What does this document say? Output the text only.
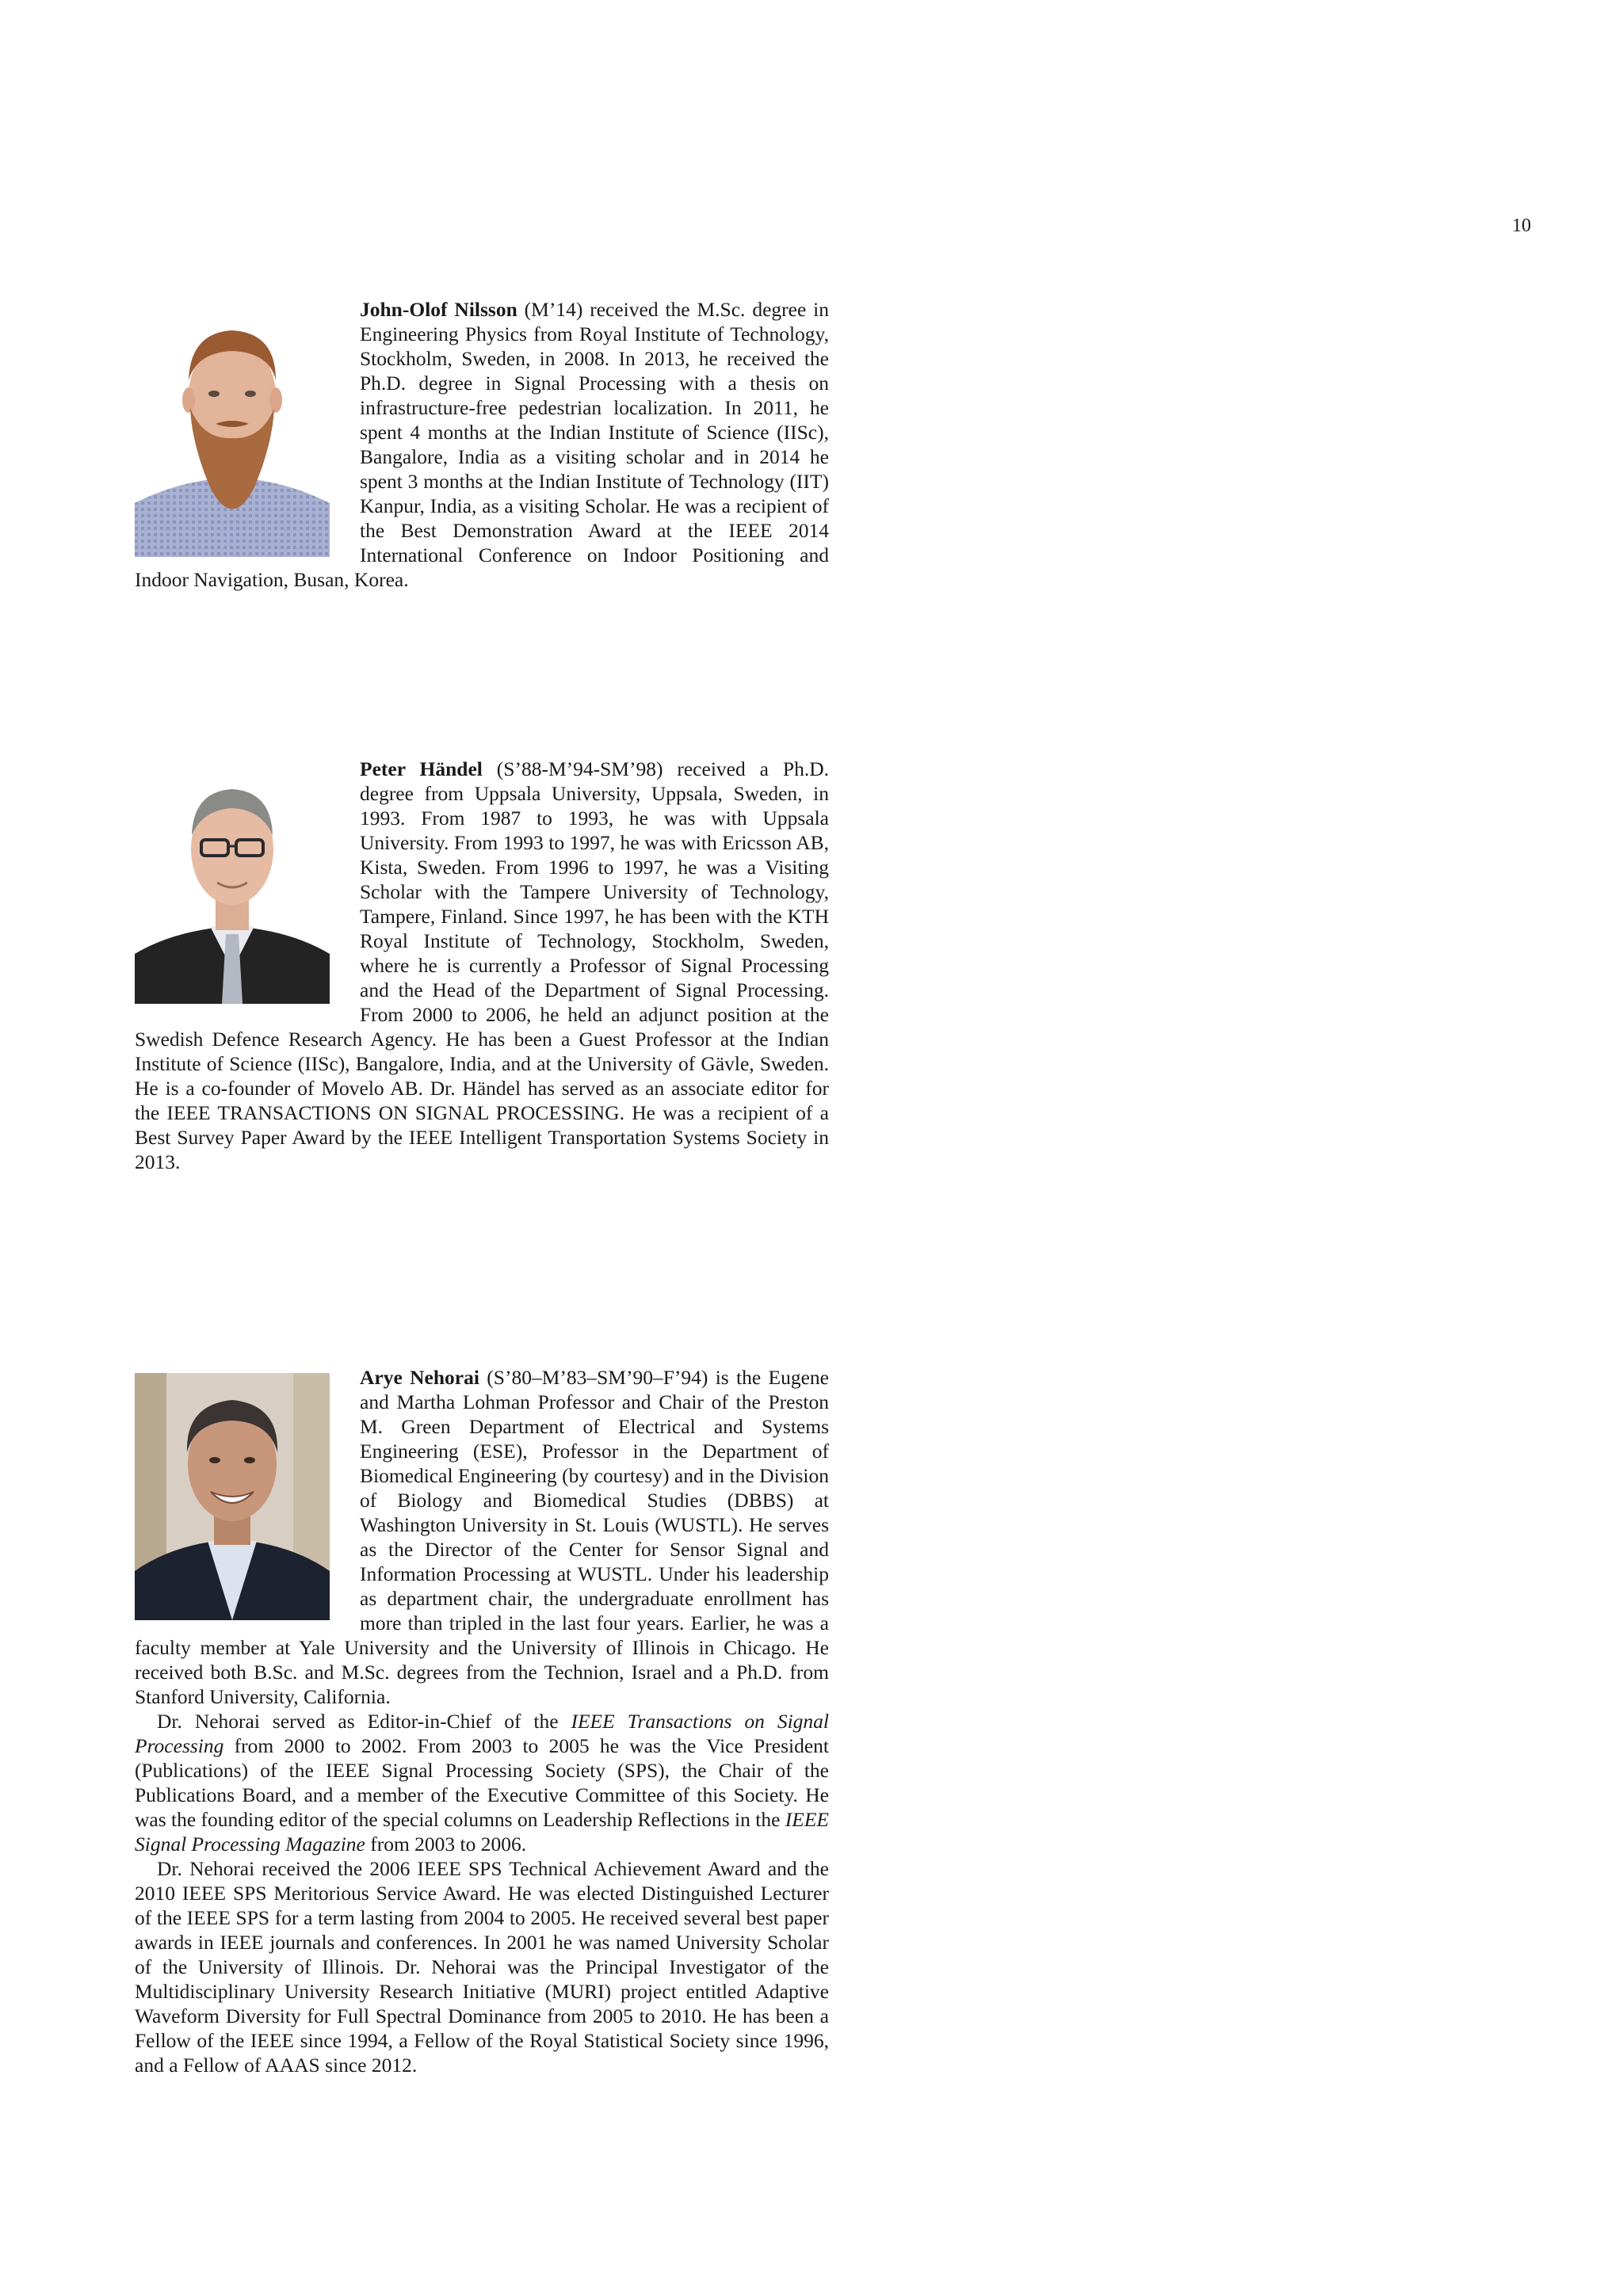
10

John-Olof Nilsson (M’14) received the M.Sc. degree in Engineering Physics from Royal Institute of Technology, Stockholm, Sweden, in 2008. In 2013, he received the Ph.D. degree in Signal Processing with a thesis on infrastructure-free pedestrian localization. In 2011, he spent 4 months at the Indian Institute of Science (IISc), Bangalore, India as a visiting scholar and in 2014 he spent 3 months at the Indian Institute of Technology (IIT) Kanpur, India, as a visiting Scholar. He was a recipient of the Best Demonstration Award at the IEEE 2014 International Conference on Indoor Positioning and Indoor Navigation, Busan, Korea.

Peter Händel (S’88-M’94-SM’98) received a Ph.D. degree from Uppsala University, Uppsala, Sweden, in 1993. From 1987 to 1993, he was with Uppsala University. From 1993 to 1997, he was with Ericsson AB, Kista, Sweden. From 1996 to 1997, he was a Visiting Scholar with the Tampere University of Technology, Tampere, Finland. Since 1997, he has been with the KTH Royal Institute of Technology, Stockholm, Sweden, where he is currently a Professor of Signal Processing and the Head of the Department of Signal Processing. From 2000 to 2006, he held an adjunct position at the Swedish Defence Research Agency. He has been a Guest Professor at the Indian Institute of Science (IISc), Bangalore, India, and at the University of Gävle, Sweden. He is a co-founder of Movelo AB. Dr. Händel has served as an associate editor for the IEEE TRANSACTIONS ON SIGNAL PROCESSING. He was a recipient of a Best Survey Paper Award by the IEEE Intelligent Transportation Systems Society in 2013.

Arye Nehorai (S’80–M’83–SM’90–F’94) is the Eugene and Martha Lohman Professor and Chair of the Preston M. Green Department of Electrical and Systems Engineering (ESE), Professor in the Department of Biomedical Engineering (by courtesy) and in the Division of Biology and Biomedical Studies (DBBS) at Washington University in St. Louis (WUSTL). He serves as the Director of the Center for Sensor Signal and Information Processing at WUSTL. Under his leadership as department chair, the undergraduate enrollment has more than tripled in the last four years. Earlier, he was a faculty member at Yale University and the University of Illinois in Chicago. He received both B.Sc. and M.Sc. degrees from the Technion, Israel and a Ph.D. from Stanford University, California.

Dr. Nehorai served as Editor-in-Chief of the IEEE Transactions on Signal Processing from 2000 to 2002. From 2003 to 2005 he was the Vice President (Publications) of the IEEE Signal Processing Society (SPS), the Chair of the Publications Board, and a member of the Executive Committee of this Society. He was the founding editor of the special columns on Leadership Reflections in the IEEE Signal Processing Magazine from 2003 to 2006.

Dr. Nehorai received the 2006 IEEE SPS Technical Achievement Award and the 2010 IEEE SPS Meritorious Service Award. He was elected Distinguished Lecturer of the IEEE SPS for a term lasting from 2004 to 2005. He received several best paper awards in IEEE journals and conferences. In 2001 he was named University Scholar of the University of Illinois. Dr. Nehorai was the Principal Investigator of the Multidisciplinary University Research Initiative (MURI) project entitled Adaptive Waveform Diversity for Full Spectral Dominance from 2005 to 2010. He has been a Fellow of the IEEE since 1994, a Fellow of the Royal Statistical Society since 1996, and a Fellow of AAAS since 2012.
